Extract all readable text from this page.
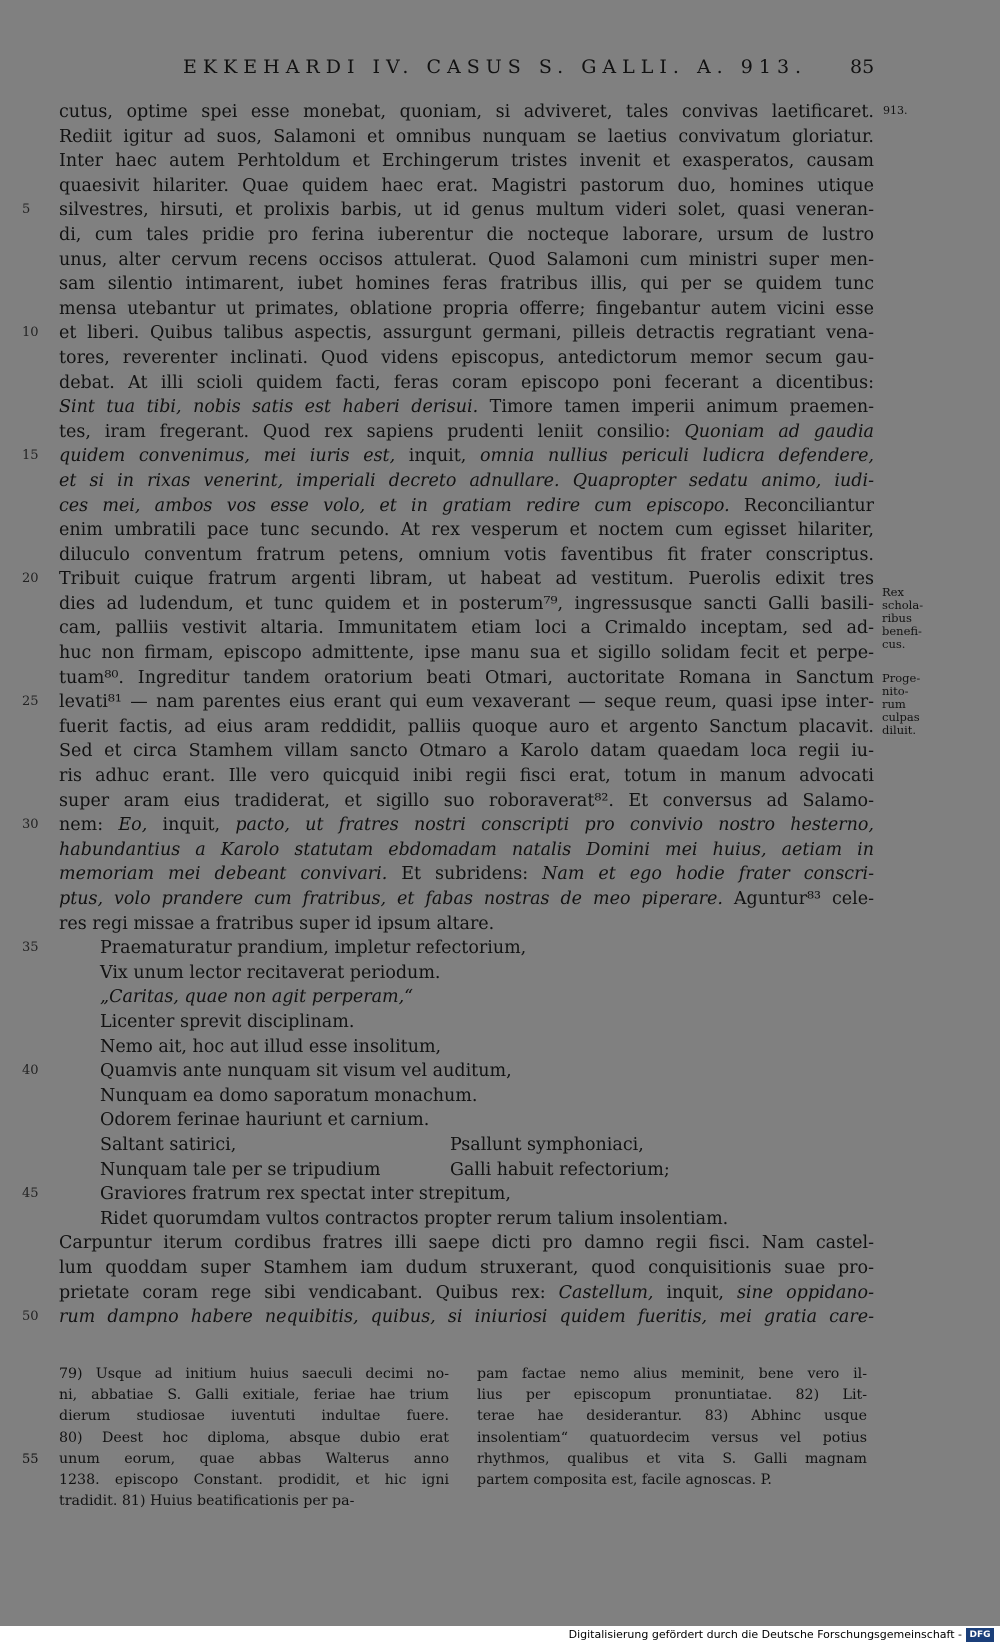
EKKEHARDI IV. CASUS S. GALLI. A. 913. 85
913.
cutus, optime spei esse monebat, quoniam, si adviveret, tales convivas laetificaret.
Rediit igitur ad suos, Salamoni et omnibus nunquam se laetius convivatum gloriatur.
Inter haec autem Perhtoldum et Erchingerum tristes invenit et exasperatos, causam
quaesivit hilariter. Quae quidem haec erat. Magistri pastorum duo, homines utique
5	silvestres, hirsuti, et prolixis barbis, ut id genus multum videri solet, quasi veneran-
di, cum tales pridie pro ferina iuberentur die nocteque laborare, ursum de lustro
unus, alter cervum recens occisos attulerat. Quod Salamoni cum ministri super men-
sam silentio intimarent, iubet homines feras fratribus illis, qui per se quidem tunc
mensa utebantur ut primates, oblatione propria offerre; fingebantur autem vicini esse
10	et liberi. Quibus talibus aspectis, assurgunt germani, pilleis detractis regratiant vena-
tores, reverenter inclinati. Quod videns episcopus, antedictorum memor secum gau-
debat. At illi scioli quidem facti, feras coram episcopo poni fecerant a dicentibus:
Sint tua tibi, nobis satis est haberi derisui. Timore tamen imperii animum praemen-
tes, iram fregerant. Quod rex sapiens prudenti leniit consilio: Quoniam ad gaudia
15	quidem convenimus, mei iuris est, inquit, omnia nullius periculi ludicra defendere,
et si in rixas venerint, imperiali decreto adnullare. Quapropter sedatu animo, iudi-
ces mei, ambos vos esse volo, et in gratiam redire cum episcopo. Reconciliantur
enim umbratili pace tunc secundo. At rex vesperum et noctem cum egisset hilariter,
diluculo conventum fratrum petens, omnium votis faventibus fit frater conscriptus.
20	Tribuit cuique fratrum argenti libram, ut habeat ad vestitum. Puerolis edixit tres
dies ad ludendum, et tunc quidem et in posterum⁷⁹, ingressusque sancti Galli basili-
cam, palliis vestivit altaria. Immunitatem etiam loci a Crimaldo inceptam, sed ad-
huc non firmam, episcopo admittente, ipse manu sua et sigillo solidam fecit et perpe-
tuam⁸⁰. Ingreditur tandem oratorium beati Otmari, auctoritate Romana in Sanctum
25	levati⁸¹ — nam parentes eius erant qui eum vexaverant — seque reum, quasi ipse inter-
fuerit factis, ad eius aram reddidit, palliis quoque auro et argento Sanctum placavit.
Sed et circa Stamhem villam sancto Otmaro a Karolo datam quaedam loca regii iu-
ris adhuc erant. Ille vero quicquid inibi regii fisci erat, totum in manum advocati
super aram eius tradiderat, et sigillo suo roboraverat⁸². Et conversus ad Salamo-
30	nem: Eo, inquit, pacto, ut fratres nostri conscripti pro convivio nostro hesterno,
habundantius a Karolo statutam ebdomadam natalis Domini mei huius, aetiam in
memoriam mei debeant convivari. Et subridens: Nam et ego hodie frater conscri-
ptus, volo prandere cum fratribus, et fabas nostras de meo piperare. Aguntur⁸³ cele-
res regi missae a fratribus super id ipsum altare.
35	Praematuratur prandium, impletur refectorium,
Vix unum lector recitaverat periodum.
„Caritas, quae non agit perperam,“
Licenter sprevit disciplinam.
Nemo ait, hoc aut illud esse insolitum,
40	Quamvis ante nunquam sit visum vel auditum,
Nunquam ea domo saporatum monachum.
Odorem ferinae hauriunt et carnium.
Saltant satirici,	Psallunt symphoniaci,
Nunquam tale per se tripudium	Galli habuit refectorium;
45	Graviores fratrum rex spectat inter strepitum,
Ridet quorumdam vultos contractos propter rerum talium insolentiam.
Carpuntur iterum cordibus fratres illi saepe dicti pro damno regii fisci. Nam castel-
lum quoddam super Stamhem iam dudum struxerant, quod conquisitionis suae pro-
prietate coram rege sibi vendicabant. Quibus rex: Castellum, inquit, sine oppidano-
50	rum dampno habere nequibitis, quibus, si iniuriosi quidem fueritis, mei gratia care-
Rex
schola-
ribus
benefi-
cus.
Proge-
nito-
rum
culpas
diluit.
79) Usque ad initium huius saeculi decimi no-
ni, abbatiae S. Galli exitiale, feriae hae trium
dierum studiosae iuventuti indultae fuere.
80) Deest hoc diploma, absque dubio erat
unum eorum, quae abbas Walterus anno
1238. episcopo Constant. prodidit, et hic igni
tradidit. 81) Huius beatificationis per pa-
55
pam factae nemo alius meminit, bene vero il-
lius per episcopum pronuntiatae. 82) Lit-
terae hae desiderantur. 83) Abhinc usque
insolentiam“ quatuordecim versus vel potius
rhythmos, qualibus et vita S. Galli magnam
partem composita est, facile agnoscas. P.
Digitalisierung gefördert durch die Deutsche Forschungsgemeinschaft - DFG
